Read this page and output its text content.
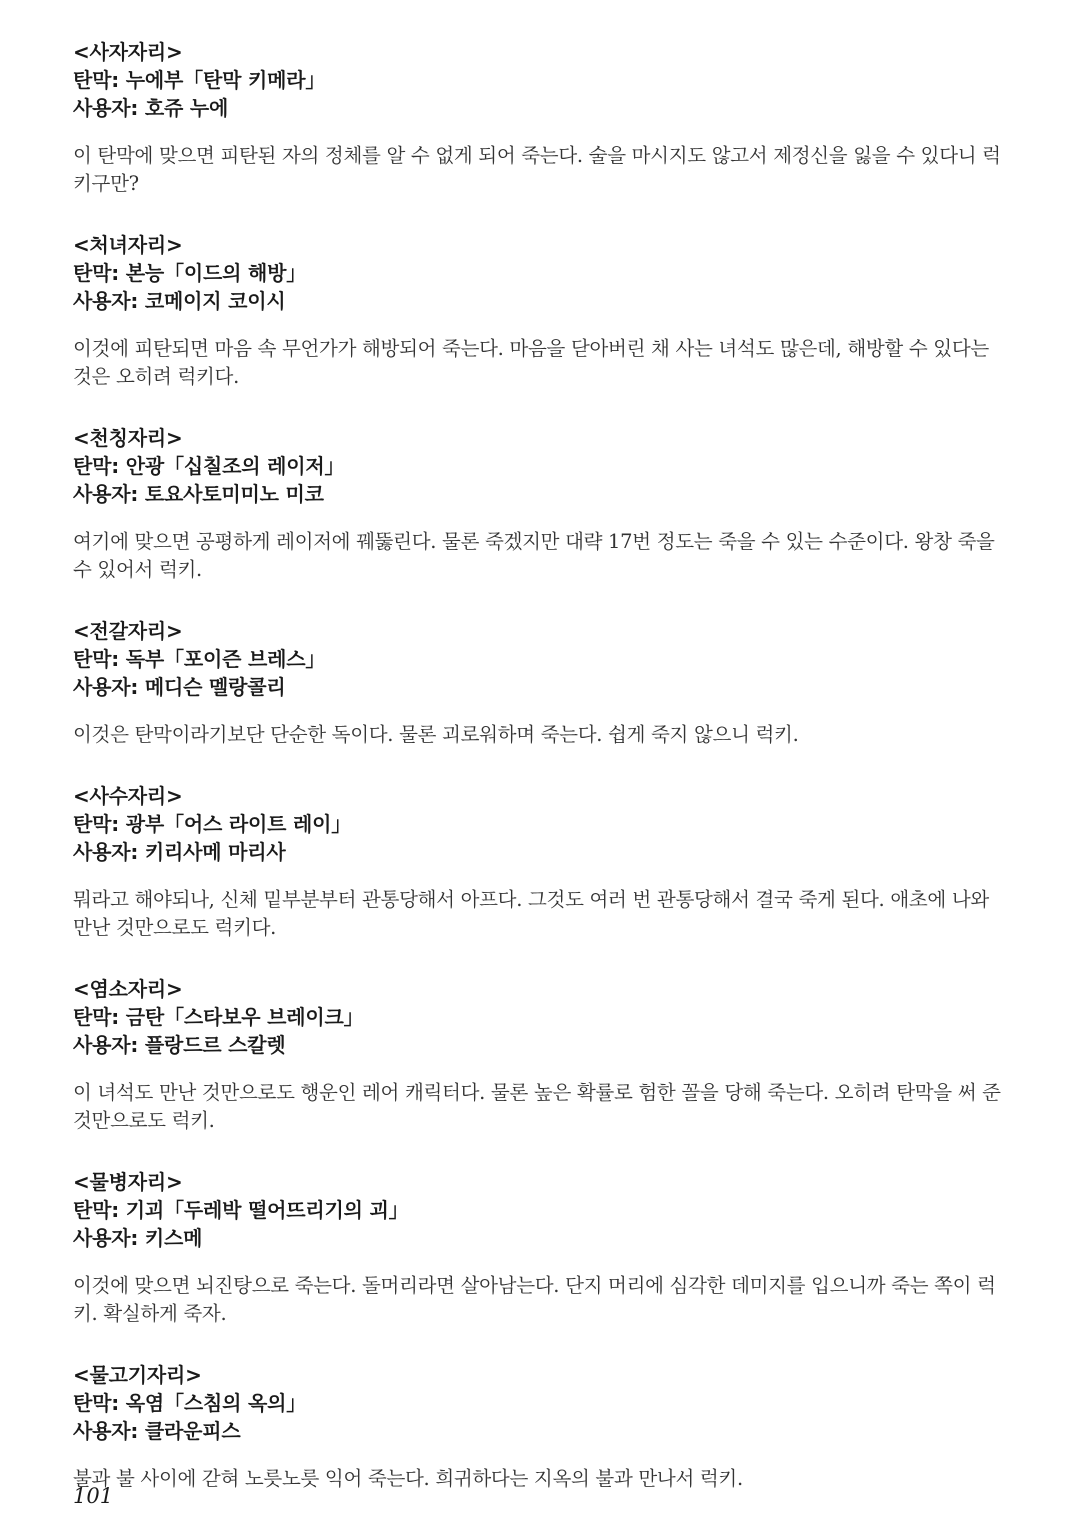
<사자자리>
탄막: 누에부「탄막 키메라」
사용자: 호쥬 누에
이 탄막에 맞으면 피탄된 자의 정체를 알 수 없게 되어 죽는다. 술을 마시지도 않고서 제정신을 잃을 수 있다니 럭키구만?
<처녀자리>
탄막: 본능「이드의 해방」
사용자: 코메이지 코이시
이것에 피탄되면 마음 속 무언가가 해방되어 죽는다. 마음을 닫아버린 채 사는 녀석도 많은데, 해방할 수 있다는 것은 오히려 럭키다.
<천칭자리>
탄막: 안광「십칠조의 레이저」
사용자: 토요사토미미노 미코
여기에 맞으면 공평하게 레이저에 꿰뚫린다. 물론 죽겠지만 대략 17번 정도는 죽을 수 있는 수준이다. 왕창 죽을 수 있어서 럭키.
<전갈자리>
탄막: 독부「포이즌 브레스」
사용자: 메디슨 멜랑콜리
이것은 탄막이라기보단 단순한 독이다. 물론 괴로워하며 죽는다. 쉽게 죽지 않으니 럭키.
<사수자리>
탄막: 광부「어스 라이트 레이」
사용자: 키리사메 마리사
뭐라고 해야되나, 신체 밑부분부터 관통당해서 아프다. 그것도 여러 번 관통당해서 결국 죽게 된다. 애초에 나와 만난 것만으로도 럭키다.
<염소자리>
탄막: 금탄「스타보우 브레이크」
사용자: 플랑드르 스칼렛
이 녀석도 만난 것만으로도 행운인 레어 캐릭터다. 물론 높은 확률로 험한 꼴을 당해 죽는다. 오히려 탄막을 써 준 것만으로도 럭키.
<물병자리>
탄막: 기괴「두레박 떨어뜨리기의 괴」
사용자: 키스메
이것에 맞으면 뇌진탕으로 죽는다. 돌머리라면 살아남는다. 단지 머리에 심각한 데미지를 입으니까 죽는 쪽이 럭키. 확실하게 죽자.
<물고기자리>
탄막: 옥염「스침의 옥의」
사용자: 클라운피스
불과 불 사이에 갇혀 노릇노릇 익어 죽는다. 희귀하다는 지옥의 불과 만나서 럭키.
101
